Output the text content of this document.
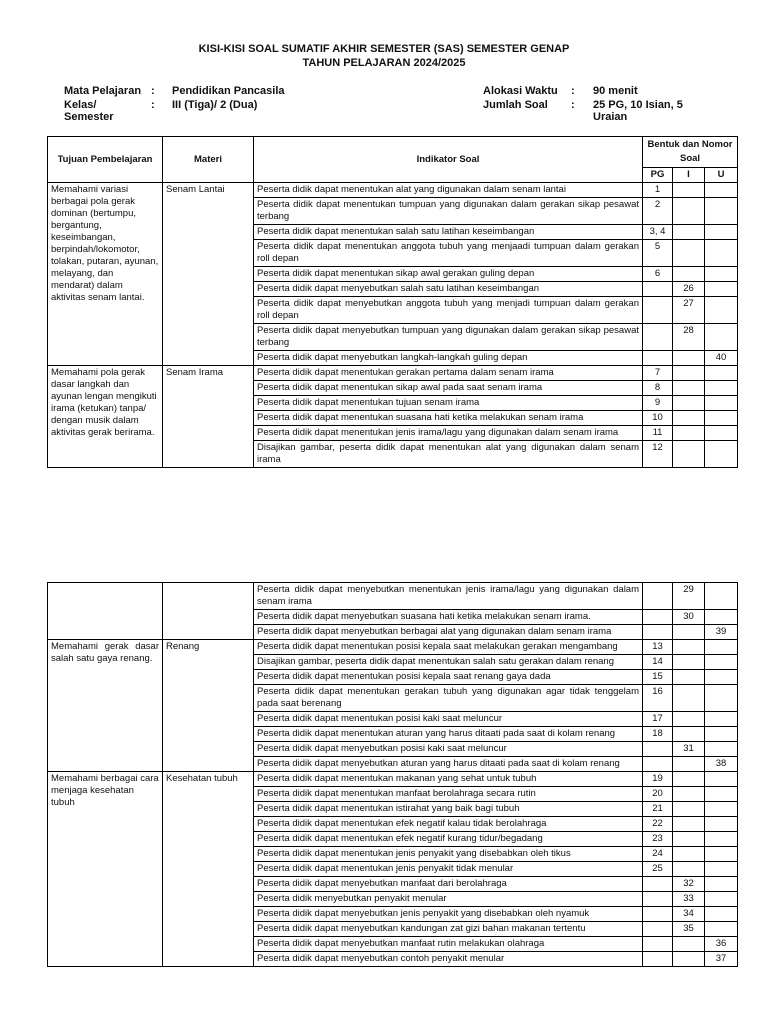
KISI-KISI SOAL SUMATIF AKHIR SEMESTER (SAS) SEMESTER GENAP
TAHUN PELAJARAN 2024/2025
Mata Pelajaran : Pendidikan Pancasila
Kelas/ Semester
: III (Tiga)/ 2 (Dua)
Alokasi Waktu : 90 menit
Jumlah Soal : 25 PG, 10 Isian, 5 Uraian
Tujuan Pembelajaran	Materi	Indikator Soal	Bentuk dan Nomor Soal		
			PG	I	U
Memahami variasi berbagai pola gerak dominan (bertumpu, bergantung, keseimbangan, berpindah/lokomotor, tolakan, putaran, ayunan, melayang, dan mendarat) dalam aktivitas senam lantai.	Senam Lantai	Peserta didik dapat menentukan alat yang digunakan dalam senam lantai	1		
		Peserta didik dapat menentukan tumpuan yang digunakan dalam gerakan sikap pesawat terbang	2		
		Peserta didik dapat menentukan salah satu latihan keseimbangan	3, 4		
		Peserta didik dapat menentukan anggota tubuh yang menjaadi tumpuan dalam gerakan roll depan	5		
		Peserta didik dapat menentukan sikap awal gerakan guling depan	6		
		Peserta didik dapat menyebutkan salah satu latihan keseimbangan		26	
		Peserta didik dapat menyebutkan anggota tubuh yang menjadi tumpuan dalam gerakan roll depan		27	
		Peserta didik dapat menyebutkan tumpuan yang digunakan dalam gerakan sikap pesawat terbang		28	
		Peserta didik dapat menyebutkan langkah-langkah guling depan			40
Memahami pola gerak dasar langkah dan ayunan lengan mengikuti irama (ketukan) tanpa/ dengan musik dalam aktivitas gerak berirama.	Senam Irama	Peserta didik dapat menentukan gerakan pertama dalam senam irama	7		
		Peserta didik dapat menentukan sikap awal pada saat senam irama	8		
		Peserta didik dapat menentukan tujuan senam irama	9		
		Peserta didik dapat menentukan suasana hati ketika melakukan senam irama	10		
		Peserta didik dapat menentukan jenis irama/lagu yang digunakan dalam senam irama	11		
		Disajikan gambar, peserta didik dapat menentukan alat yang digunakan dalam senam irama	12		
		Peserta didik dapat menyebutkan menentukan jenis irama/lagu yang digunakan dalam senam irama		29	
		Peserta didik dapat menyebutkan suasana hati ketika melakukan senam irama.		30	
		Peserta didik dapat menyebutkan berbagai alat yang digunakan dalam senam irama			39
Memahami gerak dasar salah satu gaya renang.	Renang	Peserta didik dapat menentukan posisi kepala saat melakukan gerakan mengambang	13		
		Disajikan gambar, peserta didik dapat menentukan salah satu gerakan dalam renang	14		
		Peserta didik dapat menentukan posisi kepala saat renang gaya dada	15		
		Peserta didik dapat menentukan gerakan tubuh yang digunakan agar tidak tenggelam pada saat berenang	16		
		Peserta didik dapat menentukan posisi kaki saat meluncur	17		
		Peserta didik dapat menentukan aturan yang harus ditaati pada saat di kolam renang	18		
		Peserta didik dapat menyebutkan posisi kaki saat meluncur		31	
		Peserta didik dapat menyebutkan aturan yang harus ditaati pada saat di kolam renang			38
Memahami berbagai cara menjaga kesehatan tubuh	Kesehatan tubuh	Peserta didik dapat menentukan makanan yang sehat untuk tubuh	19		
		Peserta didik dapat menentukan manfaat berolahraga secara rutin	20		
		Peserta didik dapat menentukan istirahat yang baik bagi tubuh	21		
		Peserta didik dapat menentukan efek negatif kalau tidak berolahraga	22		
		Peserta didik dapat menentukan efek negatif kurang tidur/begadang	23		
		Peserta didik dapat menentukan jenis penyakit yang disebabkan oleh tikus	24		
		Peserta didik dapat menentukan jenis penyakit tidak menular	25		
		Peserta didik dapat menyebutkan manfaat dari berolahraga		32	
		Peserta didik menyebutkan penyakit menular		33	
		Peserta didik dapat menyebutkan jenis penyakit yang disebabkan oleh nyamuk		34	
		Peserta didik dapat menyebutkan kandungan zat gizi bahan makanan tertentu		35	
		Peserta didik dapat menyebutkan manfaat rutin melakukan olahraga			36
		Peserta didik dapat menyebutkan contoh penyakit menular			37
